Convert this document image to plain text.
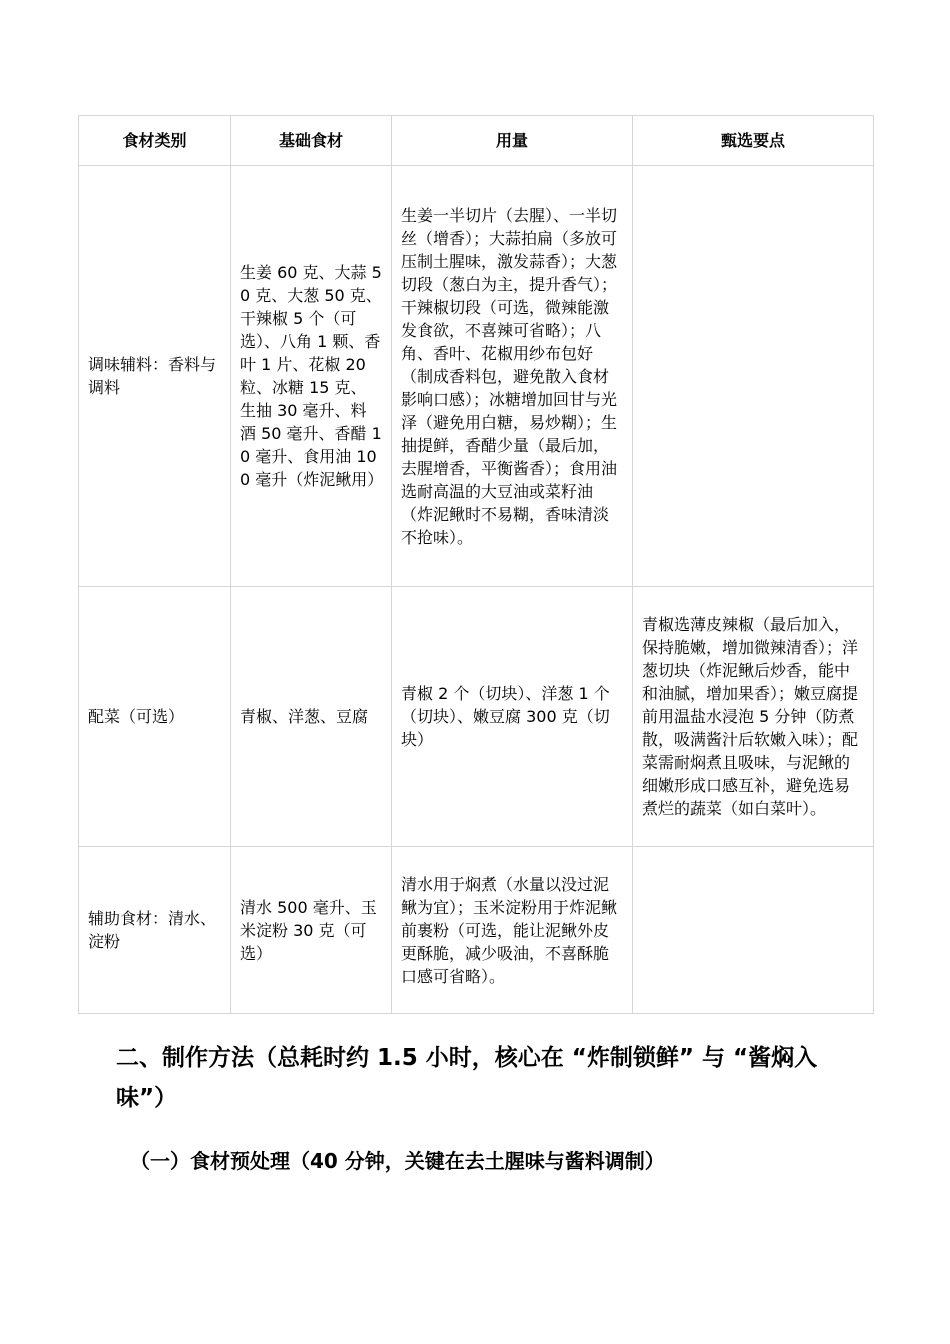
食材类别	基础食材	用量	甄选要点
调味辅料：香料与调料	生姜 60 克、大蒜 50 克、大葱 50 克、干辣椒 5 个（可选）、八角 1 颗、香叶 1 片、花椒 20 粒、冰糖 15 克、生抽 30 毫升、料酒 50 毫升、香醋 10 毫升、食用油 100 毫升（炸泥鳅用）	生姜一半切片（去腥）、一半切丝（增香）；大蒜拍扁（多放可压制土腥味，激发蒜香）；大葱切段（葱白为主，提升香气）；干辣椒切段（可选，微辣能激发食欲，不喜辣可省略）；八角、香叶、花椒用纱布包好（制成香料包，避免散入食材影响口感）；冰糖增加回甘与光泽（避免用白糖，易炒糊）；生抽提鲜，香醋少量（最后加，去腥增香，平衡酱香）；食用油选耐高温的大豆油或菜籽油（炸泥鳅时不易糊，香味清淡不抢味）。	
配菜（可选）	青椒、洋葱、豆腐	青椒 2 个（切块）、洋葱 1 个（切块）、嫩豆腐 300 克（切块）	青椒选薄皮辣椒（最后加入，保持脆嫩，增加微辣清香）；洋葱切块（炸泥鳅后炒香，能中和油腻，增加果香）；嫩豆腐提前用温盐水浸泡 5 分钟（防煮散，吸满酱汁后软嫩入味）；配菜需耐焖煮且吸味，与泥鳅的细嫩形成口感互补，避免选易煮烂的蔬菜（如白菜叶）。
辅助食材：清水、淀粉	清水 500 毫升、玉米淀粉 30 克（可选）	清水用于焖煮（水量以没过泥鳅为宜）；玉米淀粉用于炸泥鳅前裹粉（可选，能让泥鳅外皮更酥脆，减少吸油，不喜酥脆口感可省略）。	
二、制作方法（总耗时约 1.5 小时，核心在 “炸制锁鲜” 与 “酱焖入味”）
（一）食材预处理（40 分钟，关键在去土腥味与酱料调制）
